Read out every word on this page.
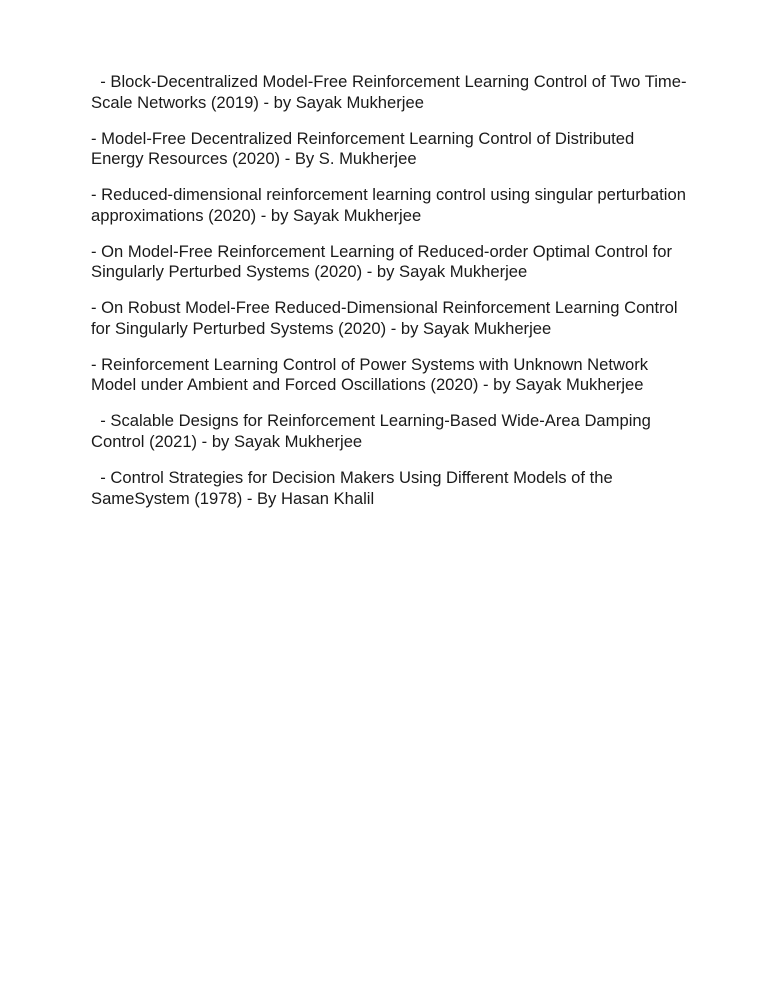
- Block-Decentralized Model-Free Reinforcement Learning Control of Two Time-Scale Networks (2019) - by Sayak Mukherjee

- Model-Free Decentralized Reinforcement Learning Control of Distributed Energy Resources (2020) - By S. Mukherjee

- Reduced-dimensional reinforcement learning control using singular perturbation approximations (2020) - by Sayak Mukherjee

- On Model-Free Reinforcement Learning of Reduced-order Optimal Control for Singularly Perturbed Systems (2020) - by Sayak Mukherjee

- On Robust Model-Free Reduced-Dimensional Reinforcement Learning Control for Singularly Perturbed Systems (2020) - by Sayak Mukherjee

- Reinforcement Learning Control of Power Systems with Unknown Network Model under Ambient and Forced Oscillations (2020) - by Sayak Mukherjee

- Scalable Designs for Reinforcement Learning-Based Wide-Area Damping Control (2021) - by Sayak Mukherjee

- Control Strategies for Decision Makers Using Different Models of the SameSystem (1978) - By Hasan Khalil
